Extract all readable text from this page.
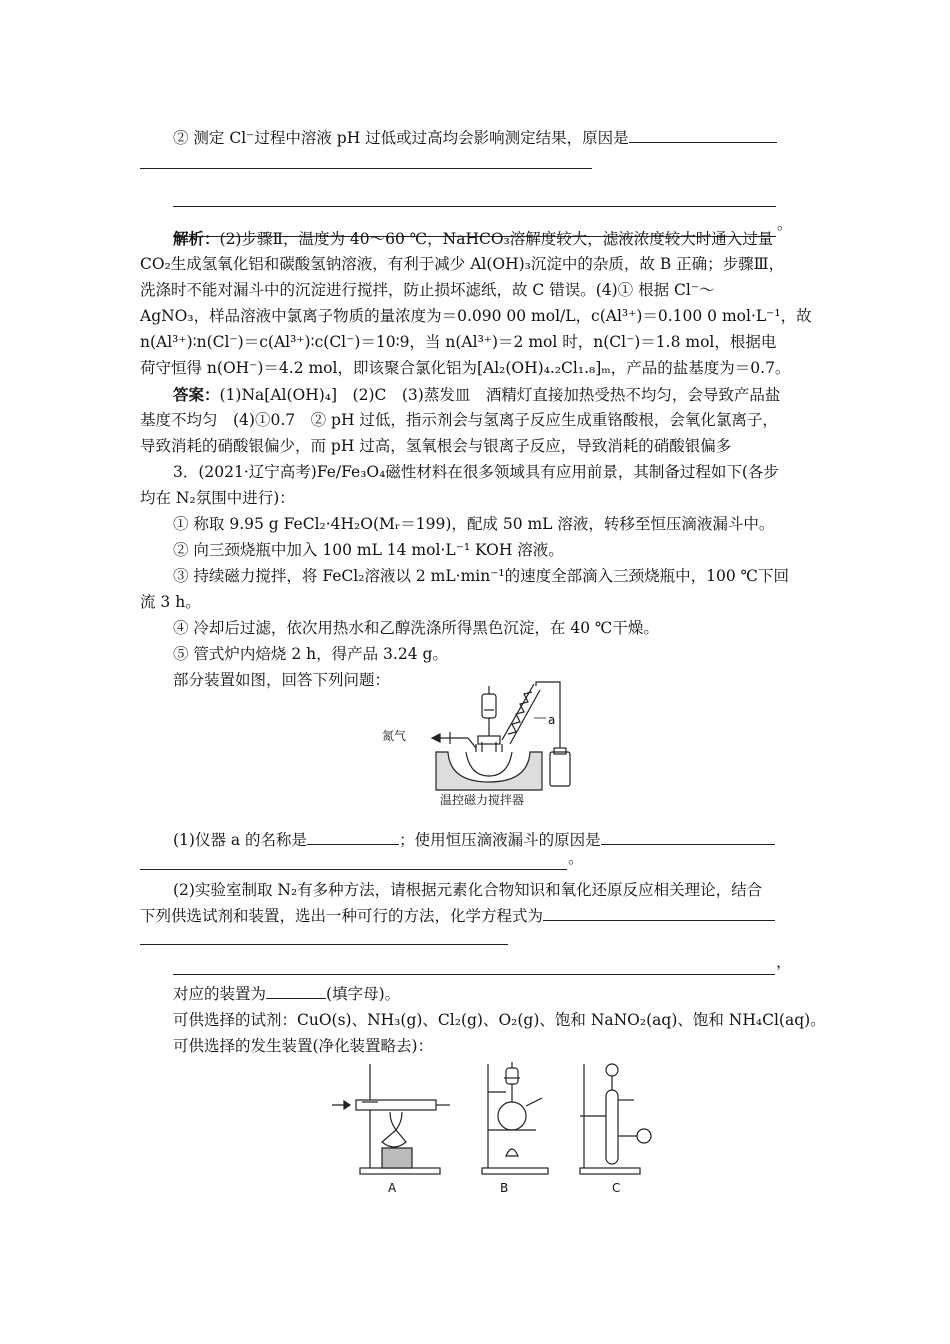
② 测定 Cl⁻过程中溶液 pH 过低或过高均会影响测定结果，原因是
。
解析：(2)步骤Ⅱ，温度为 40～60 ℃，NaHCO₃溶解度较大，滤液浓度较大时通入过量
CO₂生成氢氧化铝和碳酸氢钠溶液，有利于减少 Al(OH)₃沉淀中的杂质，故 B 正确；步骤Ⅲ，
洗涤时不能对漏斗中的沉淀进行搅拌，防止损坏滤纸，故 C 错误。(4)① 根据 Cl⁻～
AgNO₃，样品溶液中氯离子物质的量浓度为＝0.090 00 mol/L，c(Al³⁺)＝0.100 0 mol·L⁻¹，故
n(Al³⁺)∶n(Cl⁻)＝c(Al³⁺)∶c(Cl⁻)＝10∶9，当 n(Al³⁺)＝2 mol 时，n(Cl⁻)＝1.8 mol，根据电
荷守恒得 n(OH⁻)＝4.2 mol，即该聚合氯化铝为[Al₂(OH)₄.₂Cl₁.₈]ₘ，产品的盐基度为＝0.7。
答案：(1)Na[Al(OH)₄]　(2)C　(3)蒸发皿　酒精灯直接加热受热不均匀，会导致产品盐
基度不均匀　(4)①0.7　② pH 过低，指示剂会与氢离子反应生成重铬酸根，会氧化氯离子，
导致消耗的硝酸银偏少，而 pH 过高，氢氧根会与银离子反应，导致消耗的硝酸银偏多
3．(2021·辽宁高考)Fe/Fe₃O₄磁性材料在很多领域具有应用前景，其制备过程如下(各步
均在 N₂氛围中进行)：
① 称取 9.95 g FeCl₂·4H₂O(Mᵣ＝199)，配成 50 mL 溶液，转移至恒压滴液漏斗中。
② 向三颈烧瓶中加入 100 mL 14 mol·L⁻¹ KOH 溶液。
③ 持续磁力搅拌，将 FeCl₂溶液以 2 mL·min⁻¹的速度全部滴入三颈烧瓶中，100 ℃下回
流 3 h。
④ 冷却后过滤，依次用热水和乙醇洗涤所得黑色沉淀，在 40 ℃干燥。
⑤ 管式炉内焙烧 2 h，得产品 3.24 g。
部分装置如图，回答下列问题：
氮气
a
温控磁力搅拌器
(1)仪器 a 的名称是	；使用恒压滴液漏斗的原因是
。
(2)实验室制取 N₂有多种方法，请根据元素化合物知识和氧化还原反应相关理论，结合
下列供选试剂和装置，选出一种可行的方法，化学方程式为
，
对应的装置为	(填字母)。
可供选择的试剂：CuO(s)、NH₃(g)、Cl₂(g)、O₂(g)、饱和 NaNO₂(aq)、饱和 NH₄Cl(aq)。
可供选择的发生装置(净化装置略去)：
A	B	C
